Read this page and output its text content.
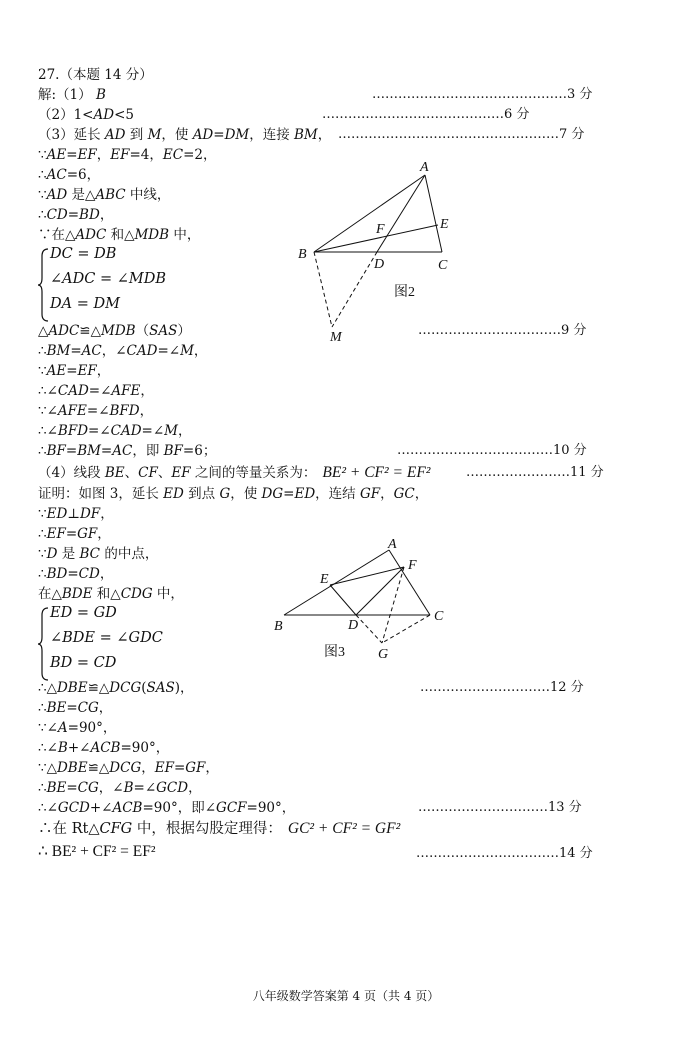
27.（本题 14 分）
解:（1） B
（2）1<AD<5
（3）延长 AD 到 M，使 AD=DM，连接 BM，
∵AE=EF，EF=4，EC=2，
∴AC=6，
∵AD 是△ABC 中线，
∴CD=BD，
∵在△ADC 和△MDB 中，
DC = DB
∠ADC = ∠MDB
DA = DM
△ADC≌△MDB（SAS）
∴BM=AC，∠CAD=∠M，
∵AE=EF，
∴∠CAD=∠AFE，
∵∠AFE=∠BFD，
∴∠BFD=∠CAD=∠M，
∴BF=BM=AC，即 BF=6；
（4）线段 BE、CF、EF 之间的等量关系为： BE² + CF² = EF²
证明：如图 3，延长 ED 到点 G，使 DG=ED，连结 GF，GC，
∵ED⊥DF，
∴EF=GF，
∵D 是 BC 的中点，
∴BD=CD，
在△BDE 和△CDG 中，
ED = GD
∠BDE = ∠GDC
BD = CD
∴△DBE≌△DCG(SAS)，
∴BE=CG，
∵∠A=90°，
∴∠B+∠ACB=90°，
∵△DBE≌△DCG，EF=GF，
∴BE=CG，∠B=∠GCD，
∴∠GCD+∠ACB=90°，即∠GCF=90°，
∴在 Rt△CFG 中，根据勾股定理得： GC² + CF² = GF²
∴ BE² + CF² = EF²
………………………………………3 分
……………………………………6 分
……………………………………………7 分
……………………………9 分
………………………………10 分
……………………11 分
…………………………12 分
…………………………13 分
……………………………14 分
A
B
C
D
E
F
M
图2
A
B
C
D
E
F
G
图3
八年级数学答案第 4 页（共 4 页）
